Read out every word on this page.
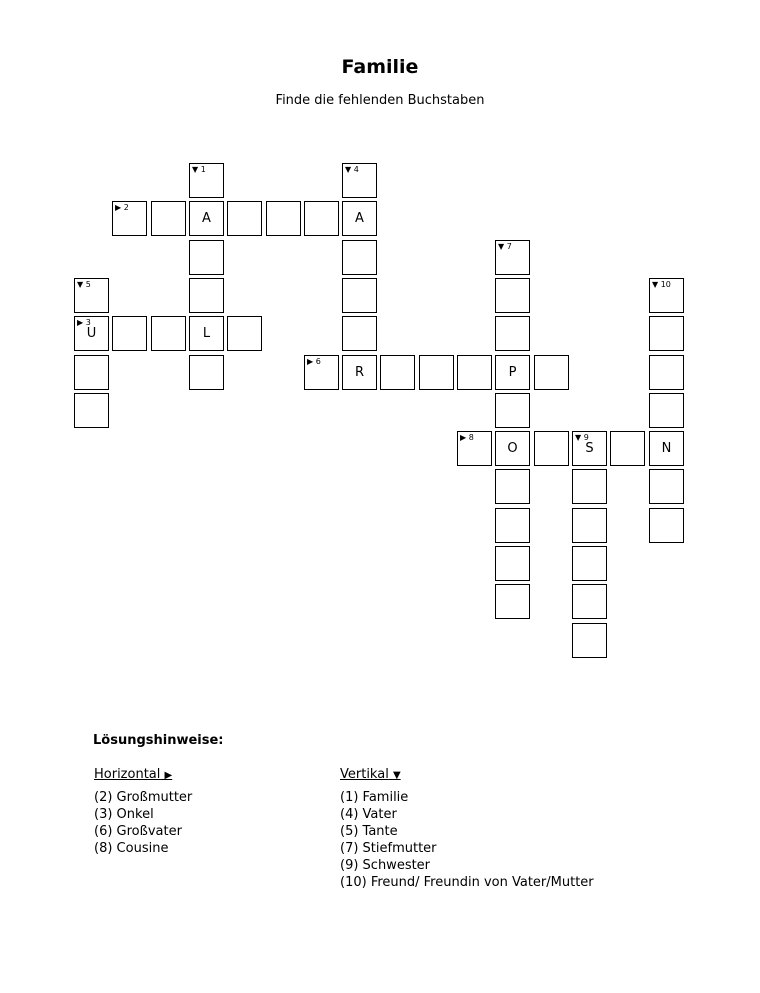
Familie
Finde die fehlenden Buchstaben
▼ 1	▼ 4
▶ 2
A	A
▼ 7
▼ 5	▼ 10
▶ 3
U	L
▶ 6
R	P
▶ 8
O
▼ 9
S	N
Lösungshinweise:
Horizontal ▶
(2) Großmutter
(3) Onkel
(6) Großvater
(8) Cousine
Vertikal ▼
(1) Familie
(4) Vater
(5) Tante
(7) Stiefmutter
(9) Schwester
(10) Freund/ Freundin von Vater/Mutter
